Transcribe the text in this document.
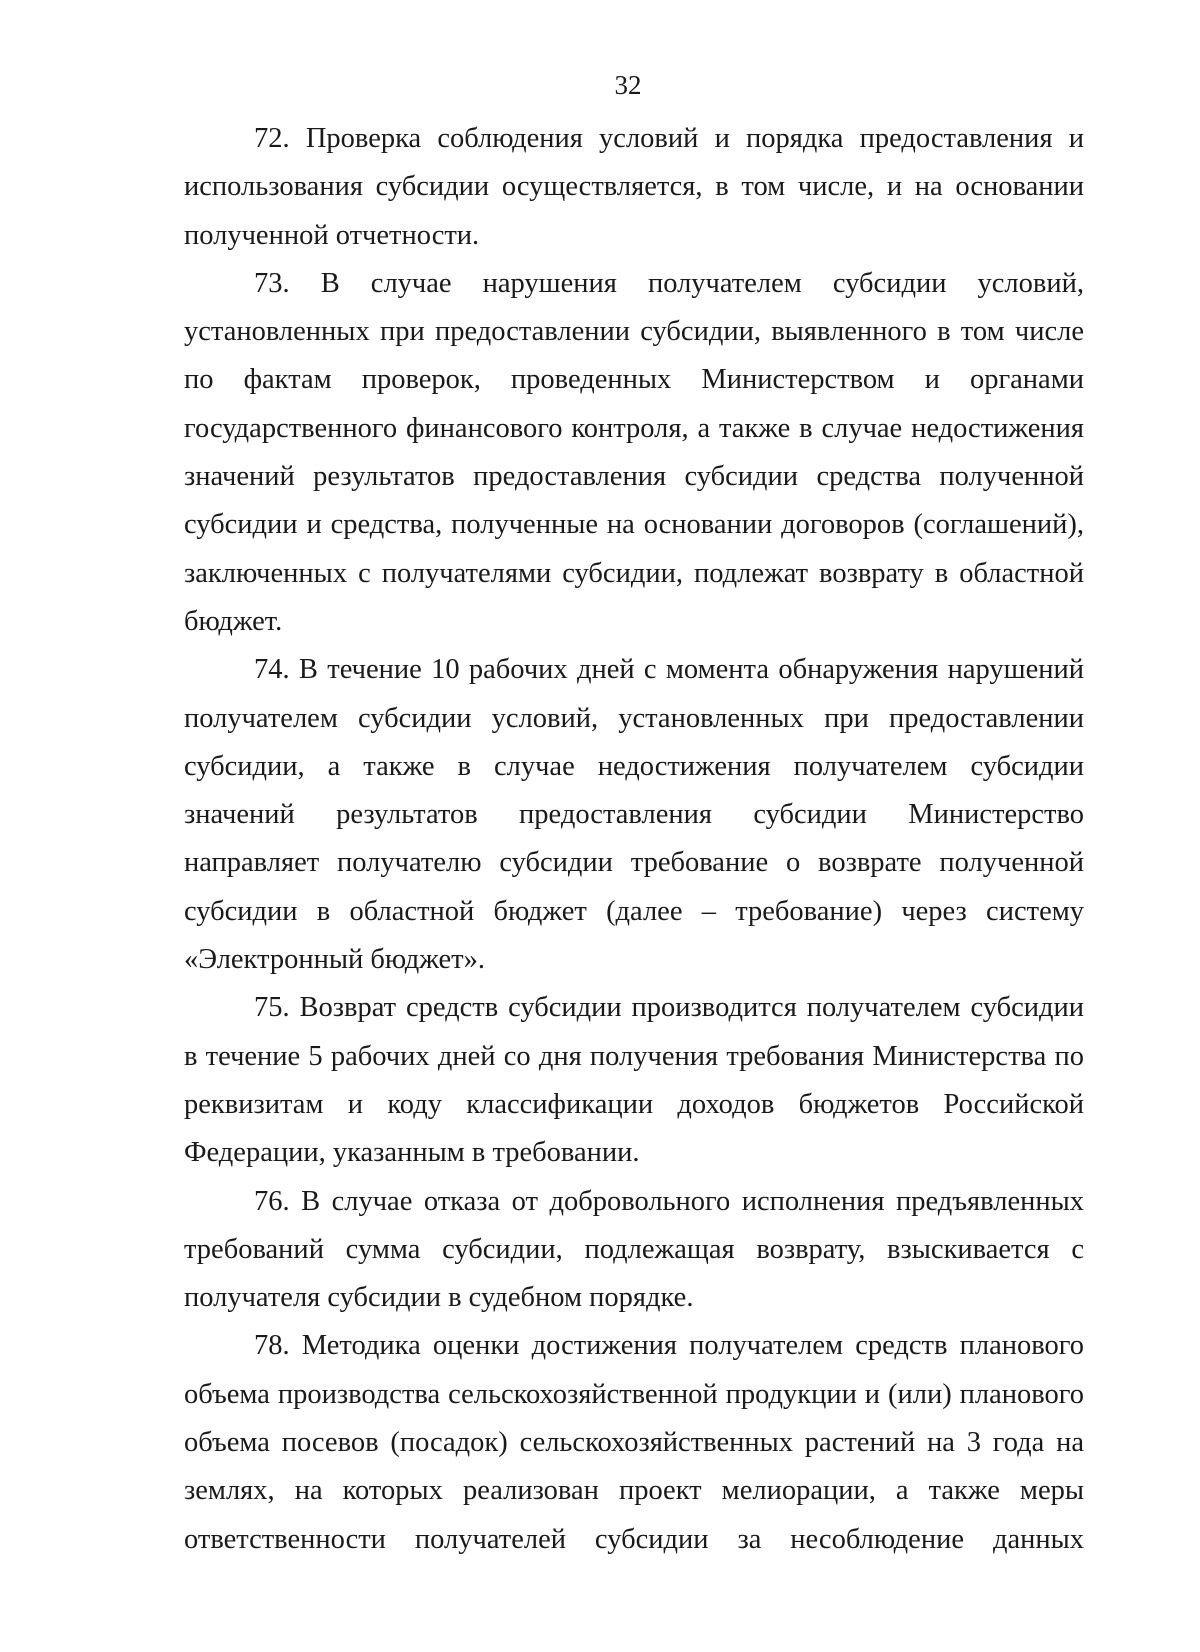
32

72. Проверка соблюдения условий и порядка предоставления и использования субсидии осуществляется, в том числе, и на основании полученной отчетности.

73. В случае нарушения получателем субсидии условий, установленных при предоставлении субсидии, выявленного в том числе по фактам проверок, проведенных Министерством и органами государственного финансового контроля, а также в случае недостижения значений результатов предоставления субсидии средства полученной субсидии и средства, полученные на основании договоров (соглашений), заключенных с получателями субсидии, подлежат возврату в областной бюджет.

74. В течение 10 рабочих дней с момента обнаружения нарушений получателем субсидии условий, установленных при предоставлении субсидии, а также в случае недостижения получателем субсидии значений результатов предоставления субсидии Министерство направляет получателю субсидии требование о возврате полученной субсидии в областной бюджет (далее – требование) через систему «Электронный бюджет».

75. Возврат средств субсидии производится получателем субсидии в течение 5 рабочих дней со дня получения требования Министерства по реквизитам и коду классификации доходов бюджетов Российской Федерации, указанным в требовании.

76. В случае отказа от добровольного исполнения предъявленных требований сумма субсидии, подлежащая возврату, взыскивается с получателя субсидии в судебном порядке.

78. Методика оценки достижения получателем средств планового объема производства сельскохозяйственной продукции и (или) планового объема посевов (посадок) сельскохозяйственных растений на 3 года на землях, на которых реализован проект мелиорации, а также меры ответственности получателей субсидии за несоблюдение данных
